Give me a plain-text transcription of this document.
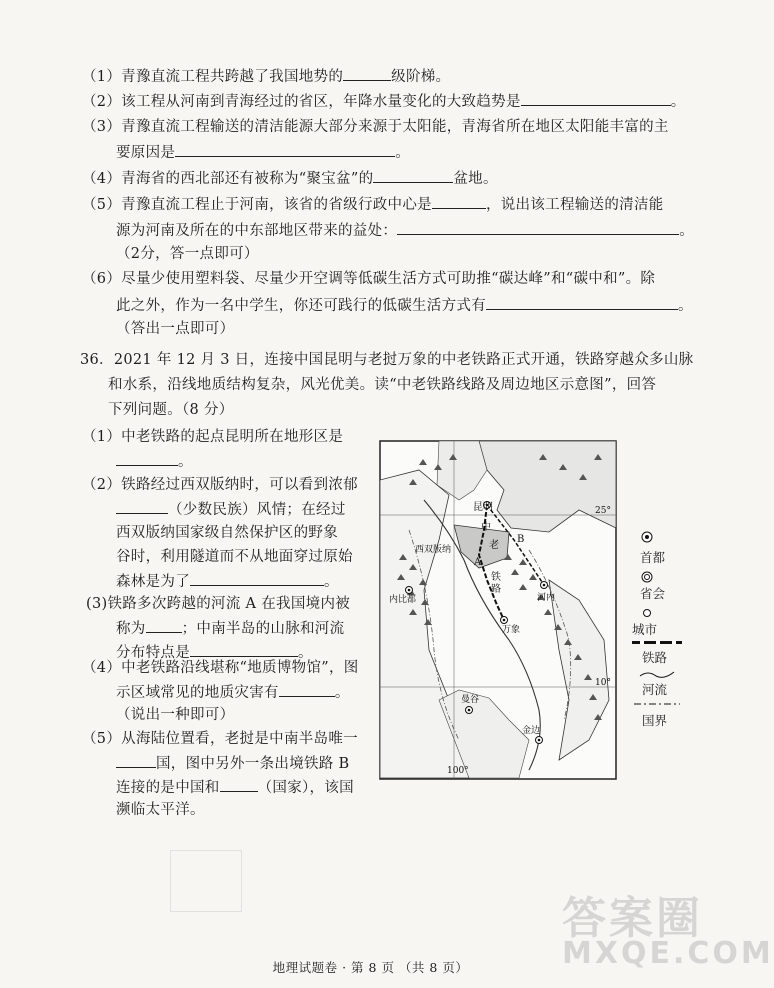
（1）青豫直流工程共跨越了我国地势的	级阶梯。
（2）该工程从河南到青海经过的省区，年降水量变化的大致趋势是	。
（3）青豫直流工程输送的清洁能源大部分来源于太阳能，青海省所在地区太阳能丰富的主
要原因是	。
（4）青海省的西北部还有被称为“聚宝盆”的	盆地。
（5）青豫直流工程止于河南，该省的省级行政中心是	，说出该工程输送的清洁能
源为河南及所在的中东部地区带来的益处：	。
（2分，答一点即可）
（6）尽量少使用塑料袋、尽量少开空调等低碳生活方式可助推“碳达峰”和“碳中和”。除
此之外，作为一名中学生，你还可践行的低碳生活方式有	。
（答出一点即可）
36．2021 年 12 月 3 日，连接中国昆明与老挝万象的中老铁路正式开通，铁路穿越众多山脉
和水系，沿线地质结构复杂，风光优美。读“中老铁路线路及周边地区示意图”，回答
下列问题。（8 分）
（1）中老铁路的起点昆明所在地形区是
。
（2）铁路经过西双版纳时，可以看到浓郁
（少数民族）风情；在经过
西双版纳国家级自然保护区的野象
谷时，利用隧道而不从地面穿过原始
森林是为了	。
(3)铁路多次跨越的河流 A 在我国境内被
称为 ；中南半岛的山脉和河流
分布特点是	。
（4）中老铁路沿线堪称“地质博物馆”，图
示区域常见的地质灾害有	。
（说出一种即可）
（5）从海陆位置看，老挝是中南半岛唯一
国，图中另外一条出境铁路 B
连接的是中国和	（国家），该国
濒临太平洋。
昆明
中
老
铁
路
西双版纳
A
B
内比都	河内
万象
曼谷
金边
25°
10°
100°
首都
省会
城市
铁路
河流
国界
答案圈
MXQE.COM
地理试题卷 · 第 8 页 （共 8 页）
